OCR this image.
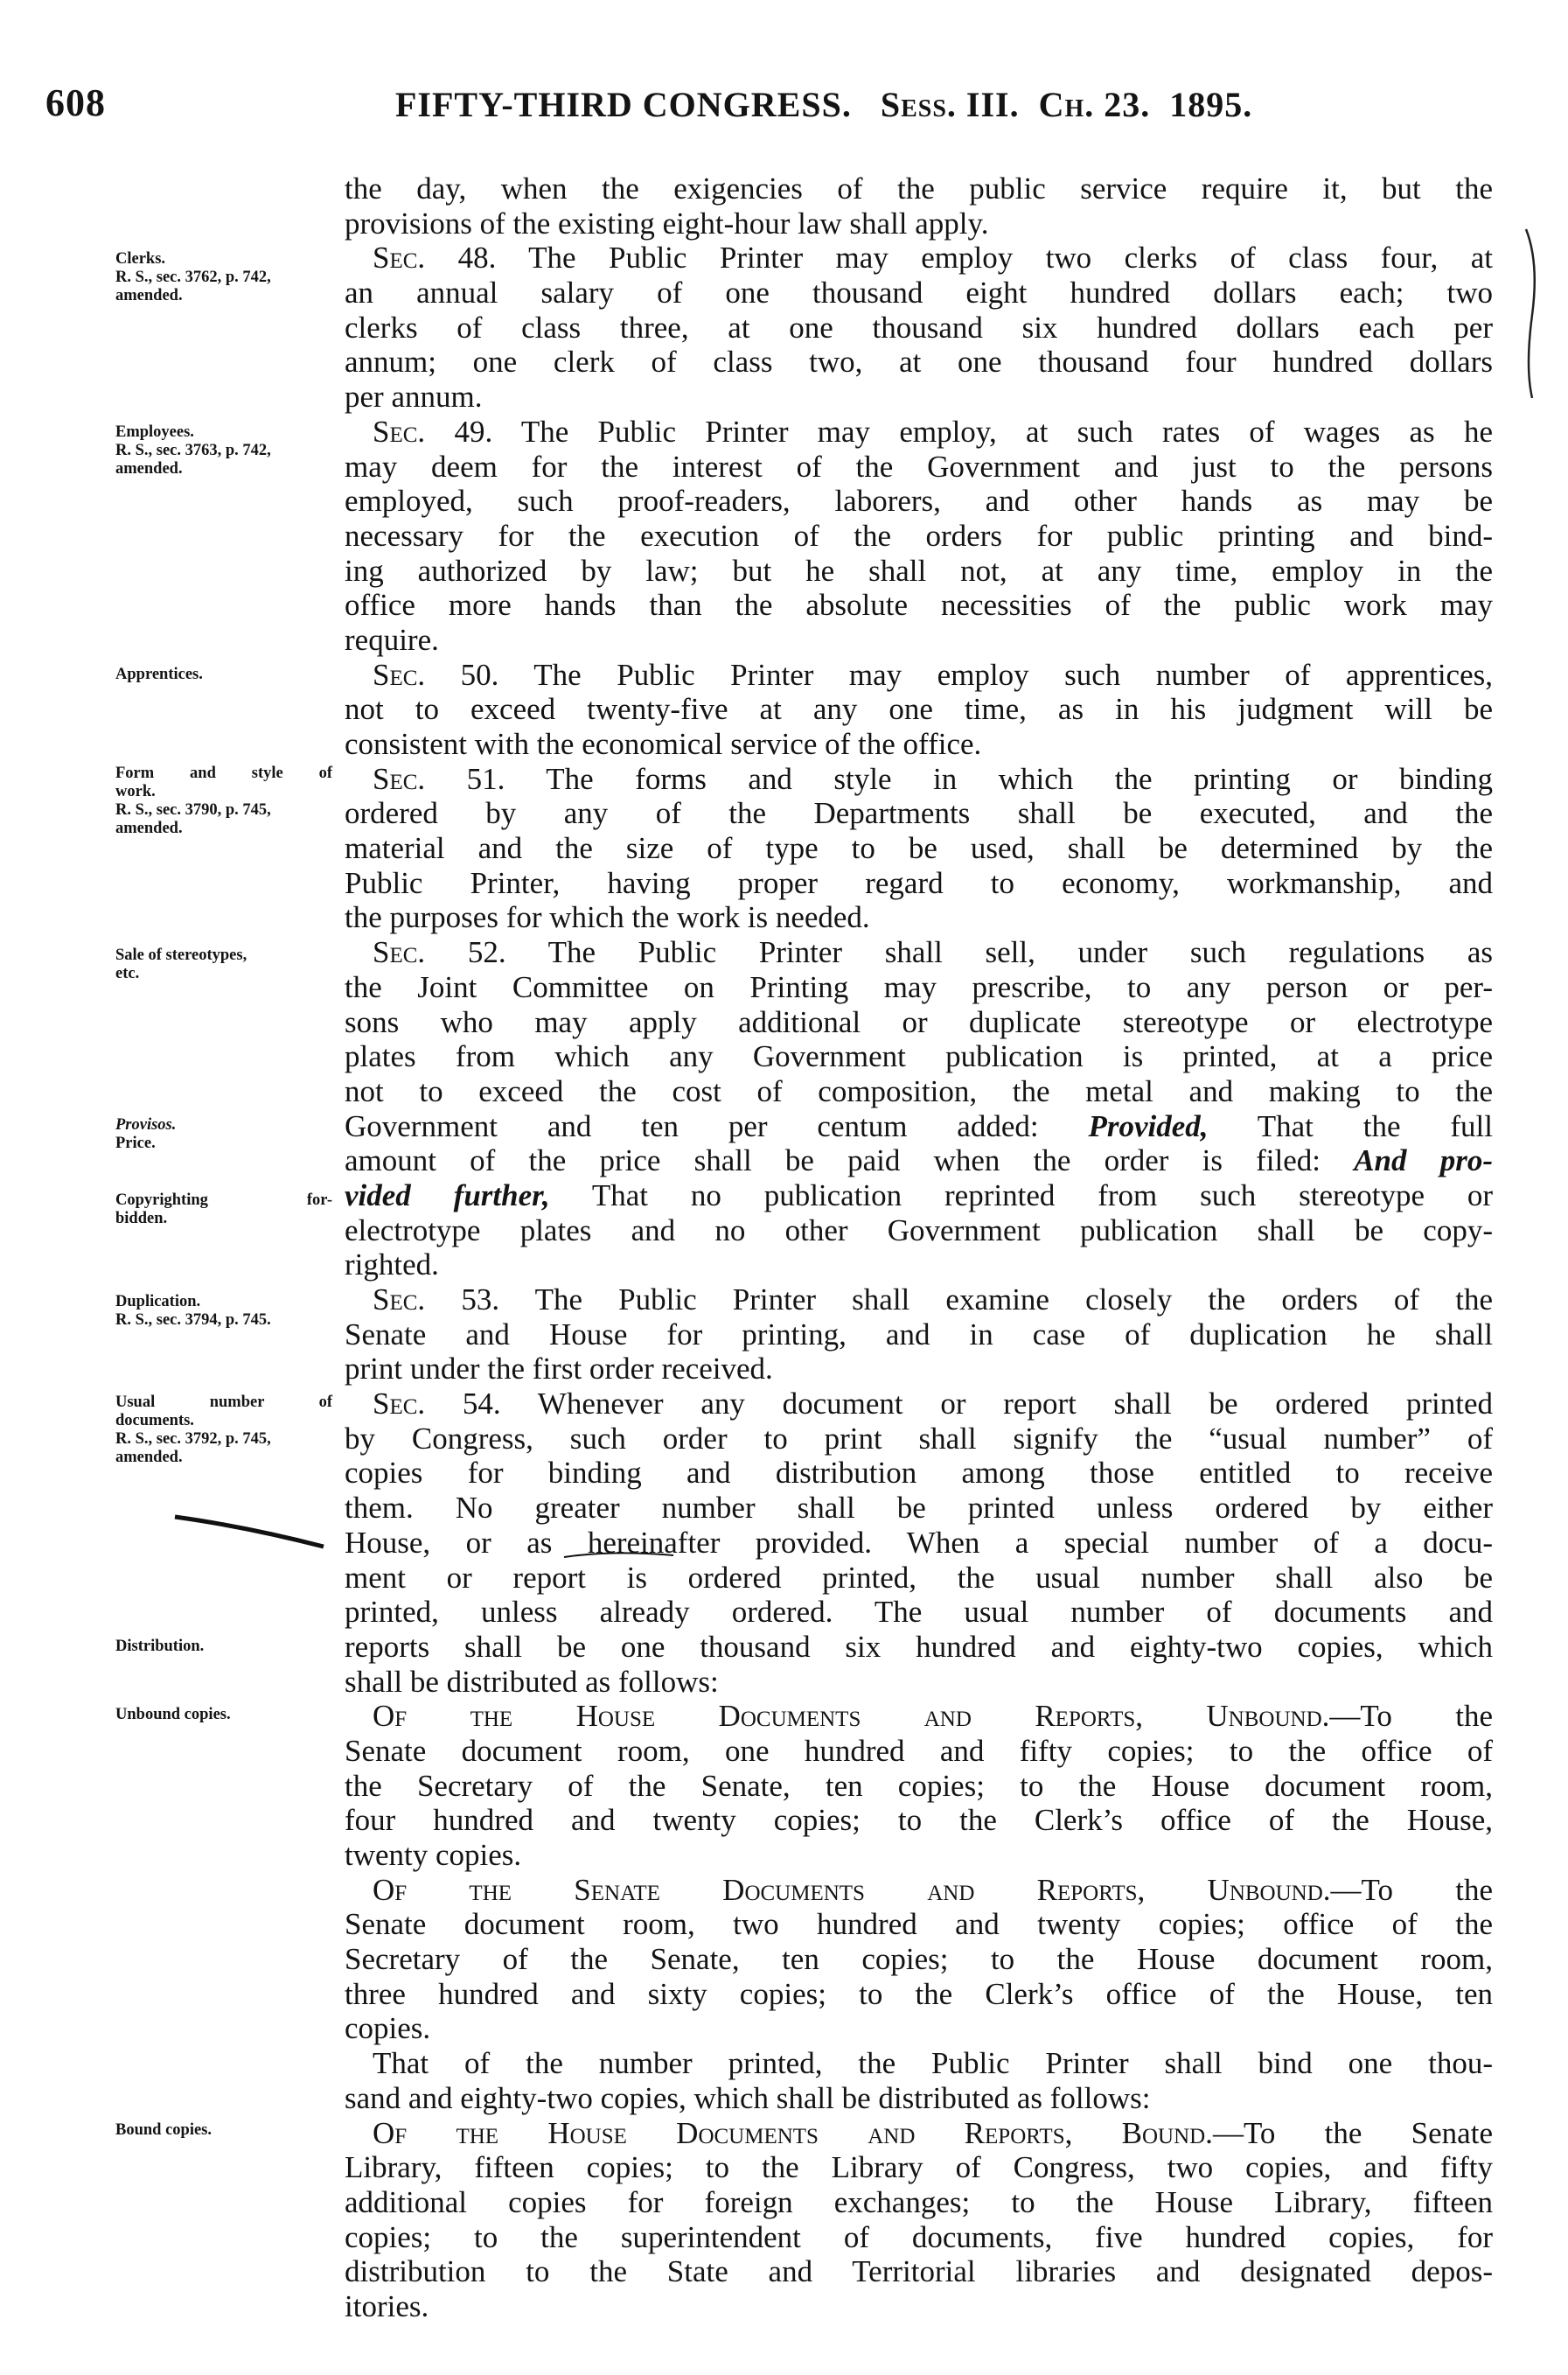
608	FIFTY-THIRD CONGRESS. Sess. III. Ch. 23. 1895.
the day, when the exigencies of the public service require it, but the
provisions of the existing eight-hour law shall apply.
Sec. 48. The Public Printer may employ two clerks of class four, at
an annual salary of one thousand eight hundred dollars each; two
clerks of class three, at one thousand six hundred dollars each per
annum; one clerk of class two, at one thousand four hundred dollars
per annum.
Sec. 49. The Public Printer may employ, at such rates of wages as he
may deem for the interest of the Government and just to the persons
employed, such proof-readers, laborers, and other hands as may be
necessary for the execution of the orders for public printing and bind-
ing authorized by law; but he shall not, at any time, employ in the
office more hands than the absolute necessities of the public work may
require.
Sec. 50. The Public Printer may employ such number of apprentices,
not to exceed twenty-five at any one time, as in his judgment will be
consistent with the economical service of the office.
Sec. 51. The forms and style in which the printing or binding
ordered by any of the Departments shall be executed, and the
material and the size of type to be used, shall be determined by the
Public Printer, having proper regard to economy, workmanship, and
the purposes for which the work is needed.
Sec. 52. The Public Printer shall sell, under such regulations as
the Joint Committee on Printing may prescribe, to any person or per-
sons who may apply additional or duplicate stereotype or electrotype
plates from which any Government publication is printed, at a price
not to exceed the cost of composition, the metal and making to the
Government and ten per centum added: Provided, That the full
amount of the price shall be paid when the order is filed: And pro-
vided further, That no publication reprinted from such stereotype or
electrotype plates and no other Government publication shall be copy-
righted.
Sec. 53. The Public Printer shall examine closely the orders of the
Senate and House for printing, and in case of duplication he shall
print under the first order received.
Sec. 54. Whenever any document or report shall be ordered printed
by Congress, such order to print shall signify the “usual number” of
copies for binding and distribution among those entitled to receive
them. No greater number shall be printed unless ordered by either
House, or as hereinafter provided. When a special number of a docu-
ment or report is ordered printed, the usual number shall also be
printed, unless already ordered. The usual number of documents and
reports shall be one thousand six hundred and eighty-two copies, which
shall be distributed as follows:
Of the House Documents and Reports, Unbound.—To the
Senate document room, one hundred and fifty copies; to the office of
the Secretary of the Senate, ten copies; to the House document room,
four hundred and twenty copies; to the Clerk’s office of the House,
twenty copies.
Of the Senate Documents and Reports, Unbound.—To the
Senate document room, two hundred and twenty copies; office of the
Secretary of the Senate, ten copies; to the House document room,
three hundred and sixty copies; to the Clerk’s office of the House, ten
copies.
That of the number printed, the Public Printer shall bind one thou-
sand and eighty-two copies, which shall be distributed as follows:
Of the House Documents and Reports, Bound.—To the Senate
Library, fifteen copies; to the Library of Congress, two copies, and fifty
additional copies for foreign exchanges; to the House Library, fifteen
copies; to the superintendent of documents, five hundred copies, for
distribution to the State and Territorial libraries and designated depos-
itories.
Clerks.
R. S., sec. 3762, p. 742,
amended.
Employees.
R. S., sec. 3763, p. 742,
amended.
Apprentices.
Form and style of
work.
R. S., sec. 3790, p. 745,
amended.
Sale of stereotypes,
etc.
Provisos.
Price.
Copyrighting for-
bidden.
Duplication.
R. S., sec. 3794, p. 745.
Usual number of
documents.
R. S., sec. 3792, p. 745,
amended.
Distribution.
Unbound copies.
Bound copies.
